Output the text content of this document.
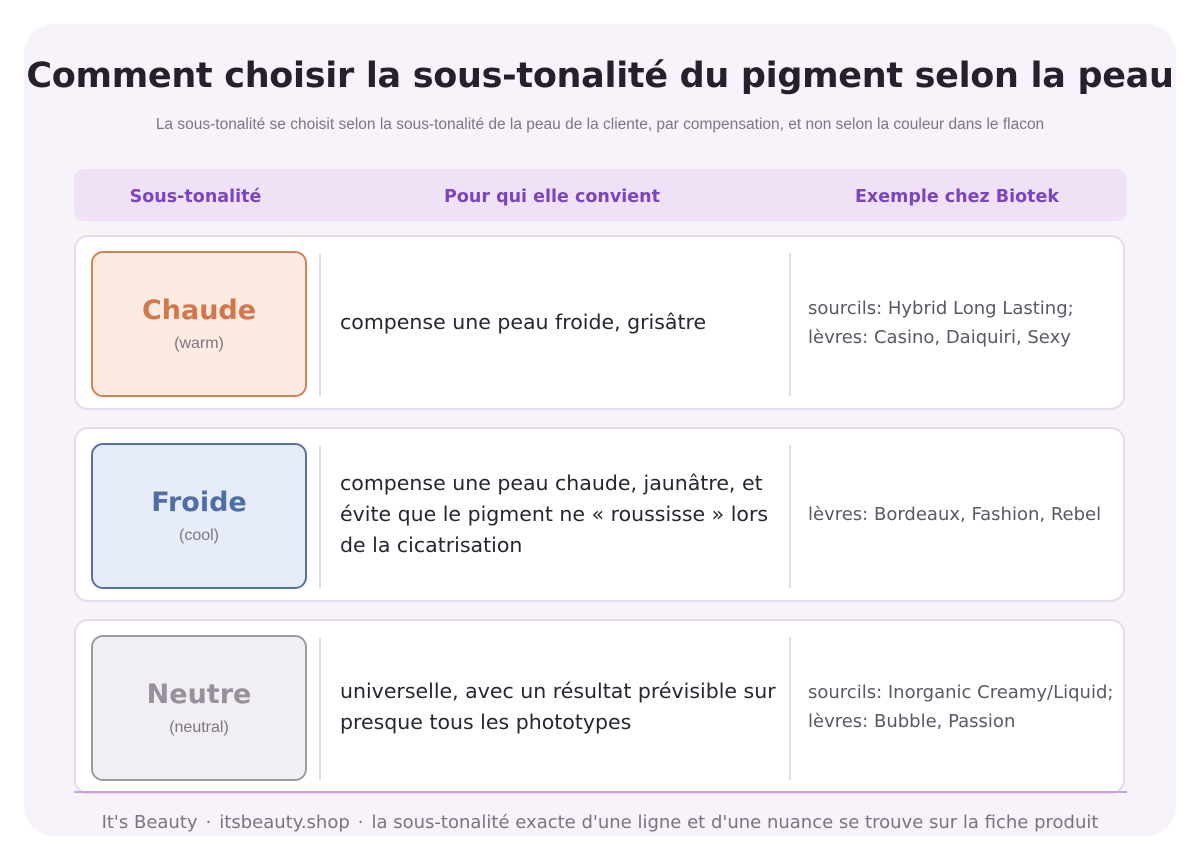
Comment choisir la sous-tonalité du pigment selon la peau
La sous-tonalité se choisit selon la sous-tonalité de la peau de la cliente, par compensation, et non selon la couleur dans le flacon
Sous-tonalité	Pour qui elle convient	Exemple chez Biotek
Chaude
(warm)
compense une peau froide, grisâtre
sourcils: Hybrid Long Lasting; lèvres: Casino, Daiquiri, Sexy
Froide
(cool)
compense une peau chaude, jaunâtre, et évite que le pigment ne « roussisse » lors de la cicatrisation
lèvres: Bordeaux, Fashion, Rebel
Neutre
(neutral)
universelle, avec un résultat prévisible sur presque tous les phototypes
sourcils: Inorganic Creamy/Liquid; lèvres: Bubble, Passion
It's Beauty · itsbeauty.shop · la sous-tonalité exacte d'une ligne et d'une nuance se trouve sur la fiche produit
